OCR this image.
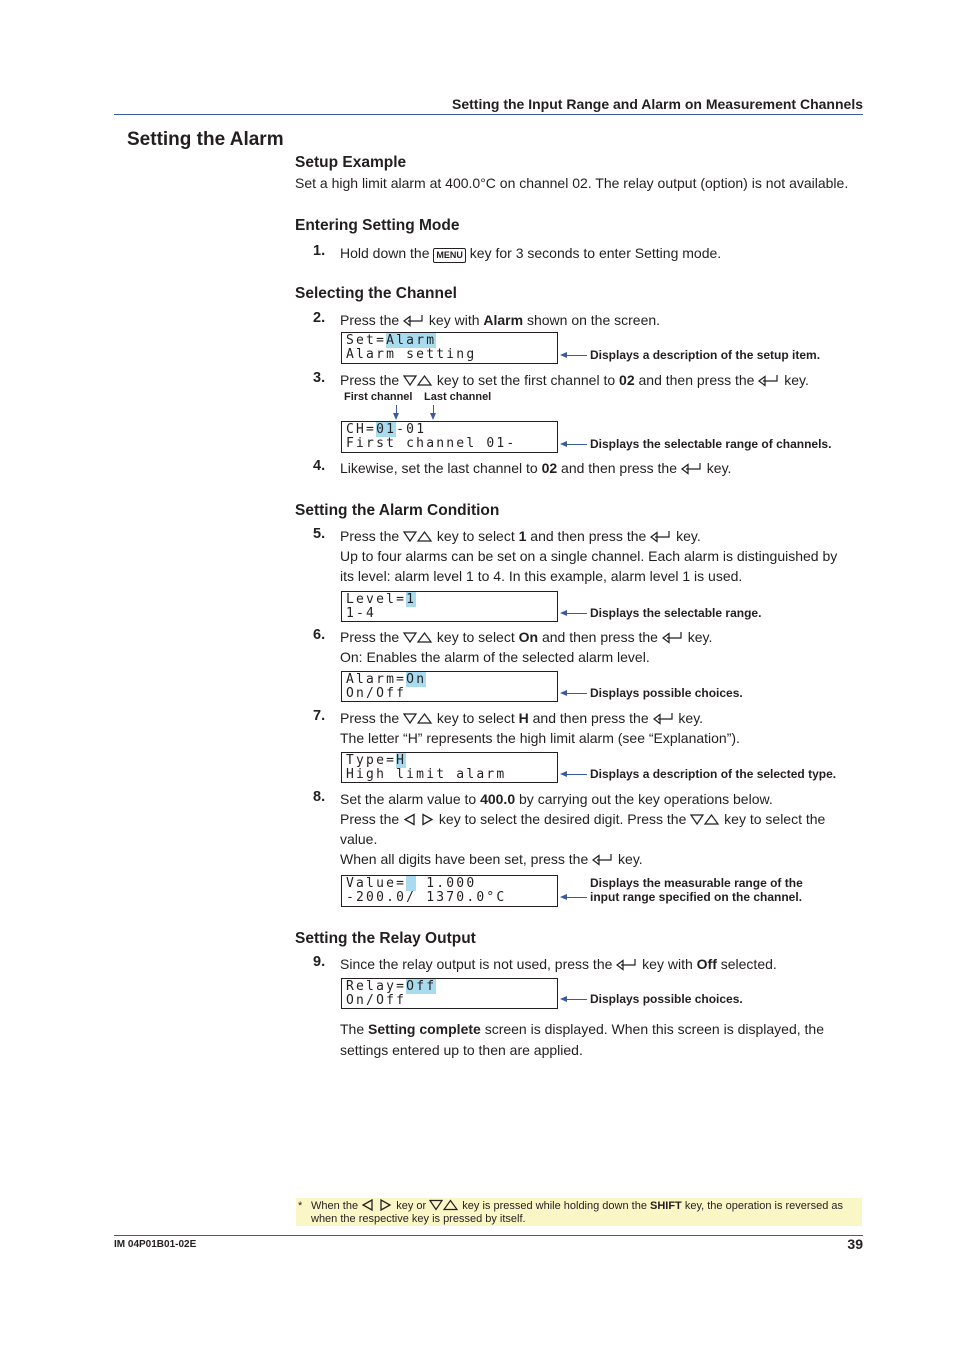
Setting the Input Range and Alarm on Measurement Channels
Setting the Alarm
Setup Example
Set a high limit alarm at 400.0°C on channel 02. The relay output (option) is not available.
Entering Setting Mode
1.	Hold down the MENU key for 3 seconds to enter Setting mode.
Selecting the Channel
2.	Press the  key with Alarm shown on the screen.
Set=Alarm
Alarm setting	Displays a description of the setup item.
3.	Press the  key to set the first channel to 02 and then press the  key.
First channel Last channel
CH=01-01
First channel 01-	Displays the selectable range of channels.
4.	Likewise, set the last channel to 02 and then press the  key.
Setting the Alarm Condition
5.	Press the  key to select 1 and then press the  key.
Up to four alarms can be set on a single channel. Each alarm is distinguished by
its level: alarm level 1 to 4. In this example, alarm level 1 is used.
Level=1
1-4	Displays the selectable range.
6.	Press the  key to select On and then press the  key.
On: Enables the alarm of the selected alarm level.
Alarm=On
On/Off	Displays possible choices.
7.	Press the  key to select H and then press the  key.
The letter “H” represents the high limit alarm (see “Explanation”).
Type=H
High limit alarm	Displays a description of the selected type.
8.	Set the alarm value to 400.0 by carrying out the key operations below.
Press the  key to select the desired digit. Press the  key to select the
value.
When all digits have been set, press the  key.
Value=  1.000
-200.0/ 1370.0°C
Displays the measurable range of the
input range specified on the channel.
Setting the Relay Output
9.	Since the relay output is not used, press the  key with Off selected.
Relay=Off
On/Off	Displays possible choices.
The Setting complete screen is displayed. When this screen is displayed, the
settings entered up to then are applied.
* When the	key or	key is pressed while holding down the SHIFT key, the operation is reversed as
when the respective key is pressed by itself.
IM 04P01B01-02E	39
